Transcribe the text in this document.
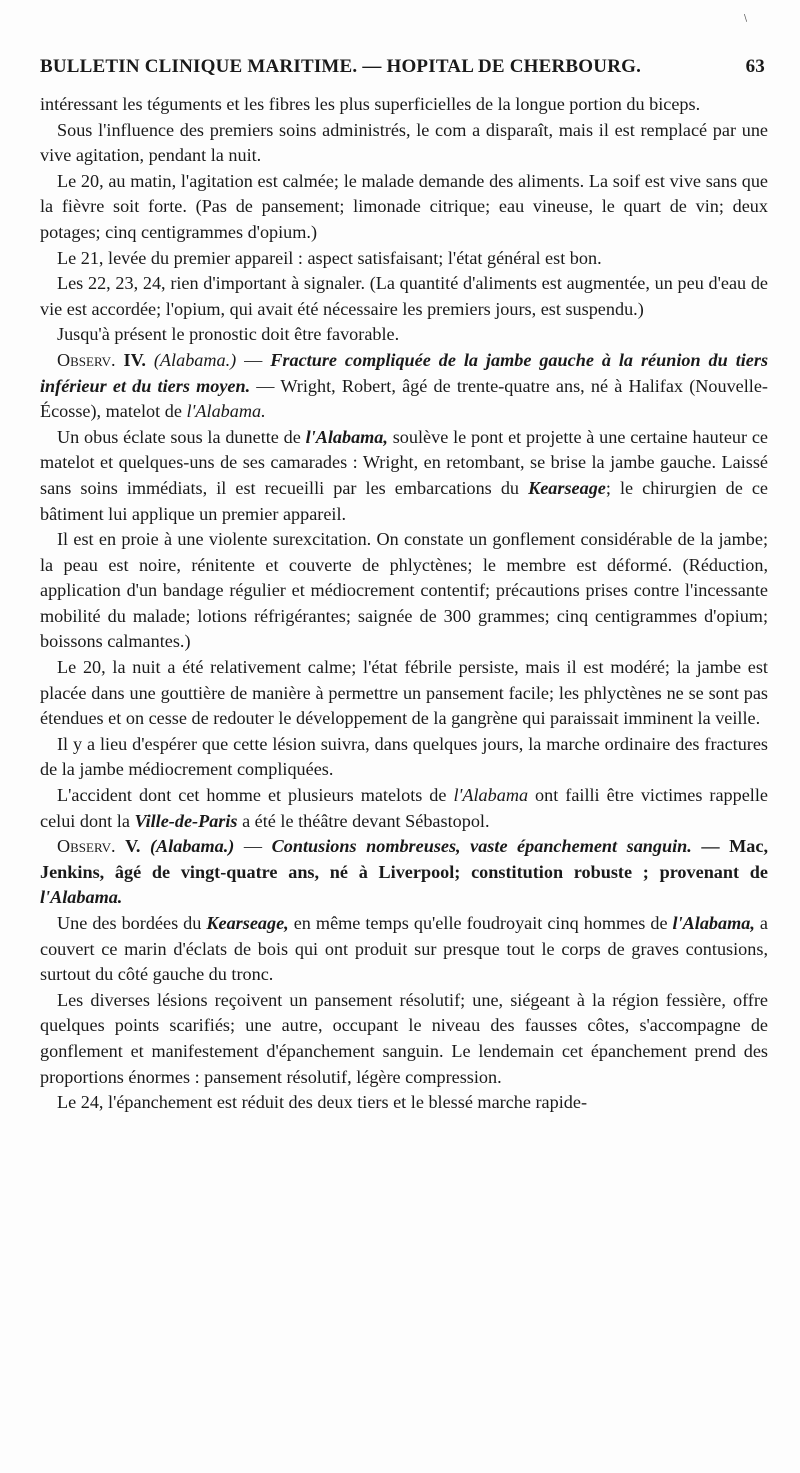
\
BULLETIN CLINIQUE MARITIME. — HOPITAL DE CHERBOURG.	63

intéressant les téguments et les fibres les plus superficielles de la longue portion du biceps.

Sous l'influence des premiers soins administrés, le com a disparaît, mais il est remplacé par une vive agitation, pendant la nuit.

Le 20, au matin, l'agitation est calmée; le malade demande des aliments. La soif est vive sans que la fièvre soit forte. (Pas de pansement; limonade citrique; eau vineuse, le quart de vin; deux potages; cinq centigrammes d'opium.)

Le 21, levée du premier appareil : aspect satisfaisant; l'état général est bon.

Les 22, 23, 24, rien d'important à signaler. (La quantité d'aliments est augmentée, un peu d'eau de vie est accordée; l'opium, qui avait été nécessaire les premiers jours, est suspendu.)

Jusqu'à présent le pronostic doit être favorable.

Observ. IV. (Alabama.) — Fracture compliquée de la jambe gauche à la réunion du tiers inférieur et du tiers moyen. — Wright, Robert, âgé de trente-quatre ans, né à Halifax (Nouvelle-Écosse), matelot de l'Alabama.

Un obus éclate sous la dunette de l'Alabama, soulève le pont et projette à une certaine hauteur ce matelot et quelques-uns de ses camarades : Wright, en retombant, se brise la jambe gauche. Laissé sans soins immédiats, il est recueilli par les embarcations du Kearseage; le chirurgien de ce bâtiment lui applique un premier appareil.

Il est en proie à une violente surexcitation. On constate un gonflement considérable de la jambe; la peau est noire, rénitente et couverte de phlyctènes; le membre est déformé. (Réduction, application d'un bandage régulier et médiocrement contentif; précautions prises contre l'incessante mobilité du malade; lotions réfrigérantes; saignée de 300 grammes; cinq centigrammes d'opium; boissons calmantes.)

Le 20, la nuit a été relativement calme; l'état fébrile persiste, mais il est modéré; la jambe est placée dans une gouttière de manière à permettre un pansement facile; les phlyctènes ne se sont pas étendues et on cesse de redouter le développement de la gangrène qui paraissait imminent la veille.

Il y a lieu d'espérer que cette lésion suivra, dans quelques jours, la marche ordinaire des fractures de la jambe médiocrement compliquées.

L'accident dont cet homme et plusieurs matelots de l'Alabama ont failli être victimes rappelle celui dont la Ville-de-Paris a été le théâtre devant Sébastopol.

Observ. V. (Alabama.) — Contusions nombreuses, vaste épanchement sanguin. — Mac, Jenkins, âgé de vingt-quatre ans, né à Liverpool; constitution robuste ; provenant de l'Alabama.

Une des bordées du Kearseage, en même temps qu'elle foudroyait cinq hommes de l'Alabama, a couvert ce marin d'éclats de bois qui ont produit sur presque tout le corps de graves contusions, surtout du côté gauche du tronc.

Les diverses lésions reçoivent un pansement résolutif; une, siégeant à la région fessière, offre quelques points scarifiés; une autre, occupant le niveau des fausses côtes, s'accompagne de gonflement et manifestement d'épanchement sanguin. Le lendemain cet épanchement prend des proportions énormes : pansement résolutif, légère compression.

Le 24, l'épanchement est réduit des deux tiers et le blessé marche rapide-
